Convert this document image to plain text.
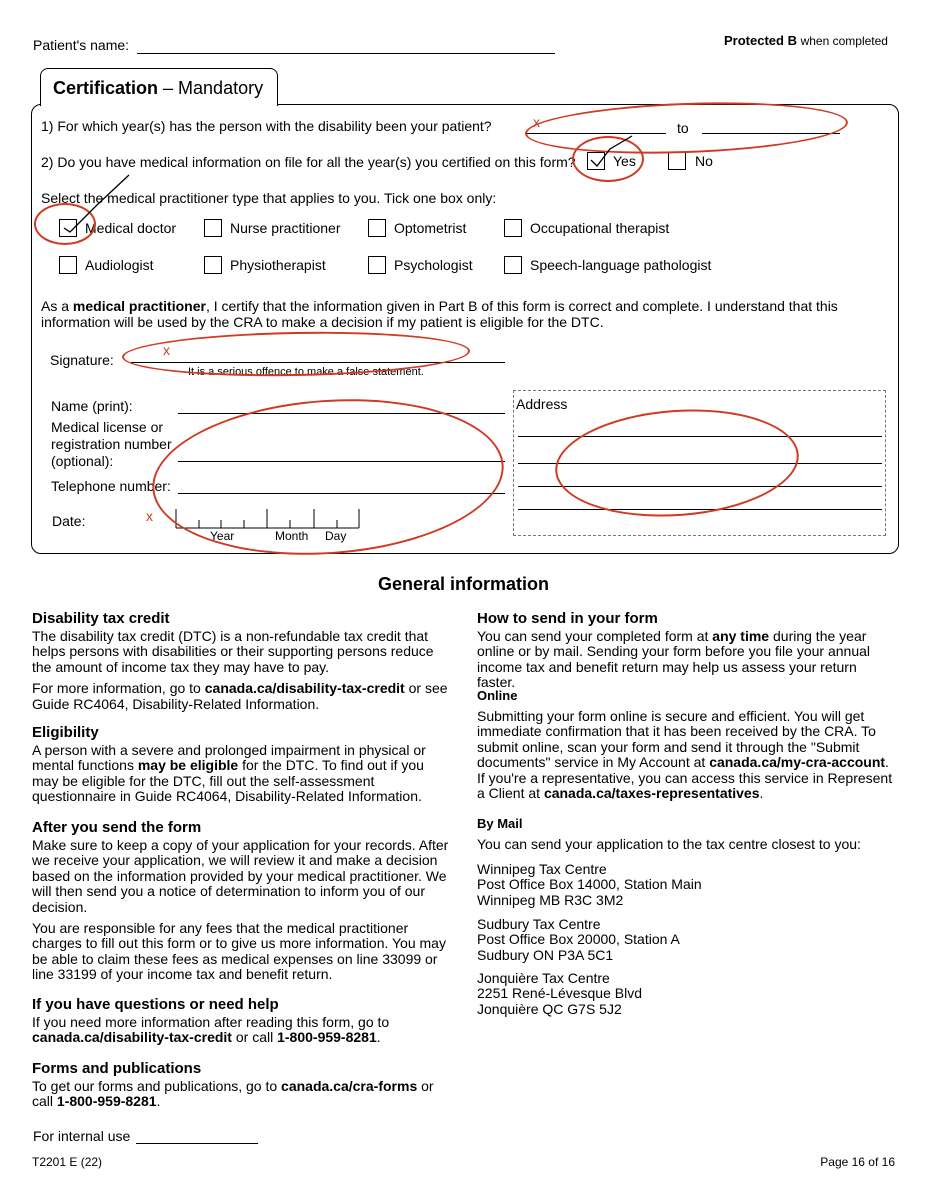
Patient's name:	Protected B when completed
Certification – Mandatory
1) For which year(s) has the person with the disability been your patient?	to
2) Do you have medical information on file for all the year(s) you certified on this form?	Yes	No
Select the medical practitioner type that applies to you. Tick one box only:
Medical doctor	Nurse practitioner	Optometrist	Occupational therapist
Audiologist	Physiotherapist	Psychologist	Speech-language pathologist
As a medical practitioner, I certify that the information given in Part B of this form is correct and complete. I understand that this information will be used by the CRA to make a decision if my patient is eligible for the DTC.
Signature:
It is a serious offence to make a false statement.
Name (print):
Medical license or
registration number
(optional):
Telephone number:
Date:
Year	Month Day
Address
x
x
x
General information
Disability tax credit

The disability tax credit (DTC) is a non-refundable tax credit that helps persons with disabilities or their supporting persons reduce the amount of income tax they may have to pay.

For more information, go to canada.ca/disability-tax-credit or see Guide RC4064, Disability-Related Information.

Eligibility

A person with a severe and prolonged impairment in physical or mental functions may be eligible for the DTC. To find out if you may be eligible for the DTC, fill out the self-assessment questionnaire in Guide RC4064, Disability-Related Information.

After you send the form

Make sure to keep a copy of your application for your records. After we receive your application, we will review it and make a decision based on the information provided by your medical practitioner. We will then send you a notice of determination to inform you of our decision.

You are responsible for any fees that the medical practitioner charges to fill out this form or to give us more information. You may be able to claim these fees as medical expenses on line 33099 or line 33199 of your income tax and benefit return.

If you have questions or need help

If you need more information after reading this form, go to canada.ca/disability-tax-credit or call 1-800-959-8281.

Forms and publications

To get our forms and publications, go to canada.ca/cra-forms or call 1-800-959-8281.

How to send in your form

You can send your completed form at any time during the year online or by mail. Sending your form before you file your annual income tax and benefit return may help us assess your return faster.

Online

Submitting your form online is secure and efficient. You will get immediate confirmation that it has been received by the CRA. To submit online, scan your form and send it through the "Submit documents" service in My Account at canada.ca/my-cra-account. If you're a representative, you can access this service in Represent a Client at canada.ca/taxes-representatives.

By Mail
You can send your application to the tax centre closest to you:
Winnipeg Tax Centre
Post Office Box 14000, Station Main
Winnipeg MB R3C 3M2
Sudbury Tax Centre
Post Office Box 20000, Station A
Sudbury ON P3A 5C1
Jonquière Tax Centre
2251 René-Lévesque Blvd
Jonquière QC G7S 5J2
For internal use
T2201 E (22)	Page 16 of 16
